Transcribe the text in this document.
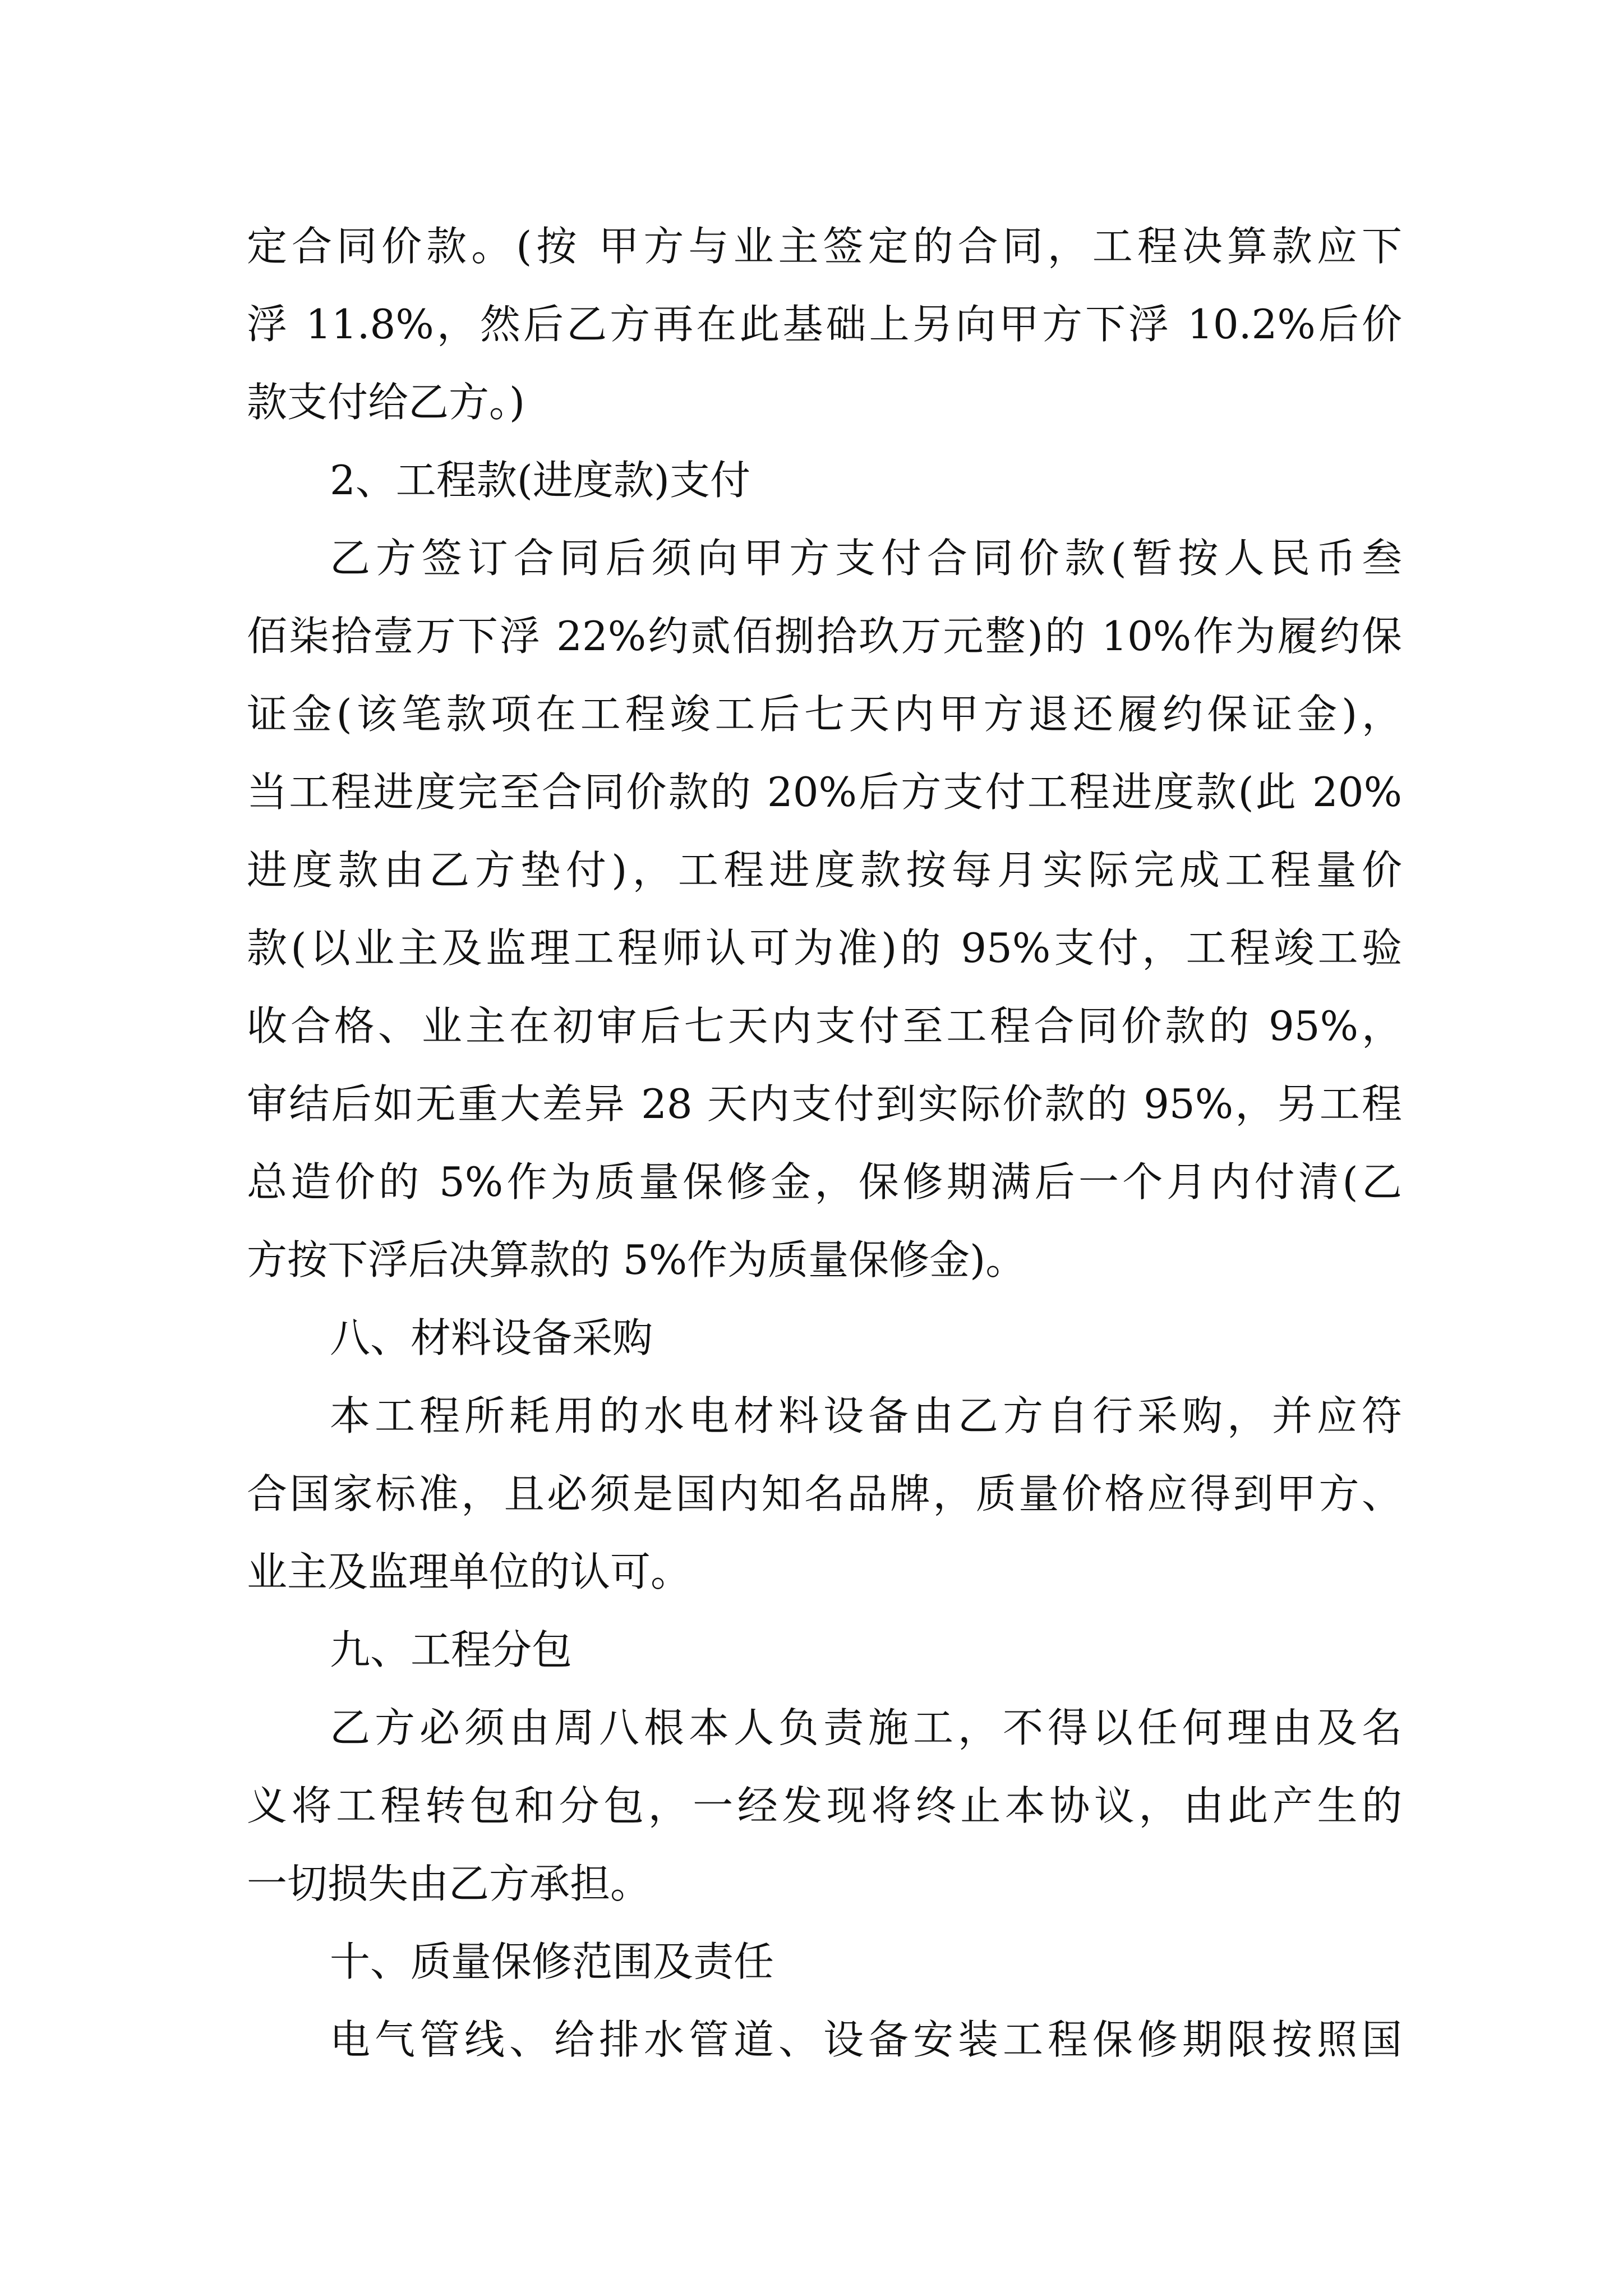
定合同价款。(按 甲方与业主签定的合同，工程决算款应下
浮 11.8%，然后乙方再在此基础上另向甲方下浮 10.2%后价
款支付给乙方。)
2、工程款(进度款)支付
乙方签订合同后须向甲方支付合同价款(暂按人民币叁
佰柒拾壹万下浮 22%约贰佰捌拾玖万元整)的 10%作为履约保
证金(该笔款项在工程竣工后七天内甲方退还履约保证金)，
当工程进度完至合同价款的 20%后方支付工程进度款(此 20%
进度款由乙方垫付)，工程进度款按每月实际完成工程量价
款(以业主及监理工程师认可为准)的 95%支付，工程竣工验
收合格、业主在初审后七天内支付至工程合同价款的 95%，
审结后如无重大差异 28 天内支付到实际价款的 95%，另工程
总造价的 5%作为质量保修金，保修期满后一个月内付清(乙
方按下浮后决算款的 5%作为质量保修金)。
八、材料设备采购
本工程所耗用的水电材料设备由乙方自行采购，并应符
合国家标准，且必须是国内知名品牌，质量价格应得到甲方、
业主及监理单位的认可。
九、工程分包
乙方必须由周八根本人负责施工，不得以任何理由及名
义将工程转包和分包，一经发现将终止本协议，由此产生的
一切损失由乙方承担。
十、质量保修范围及责任
电气管线、给排水管道、设备安装工程保修期限按照国
